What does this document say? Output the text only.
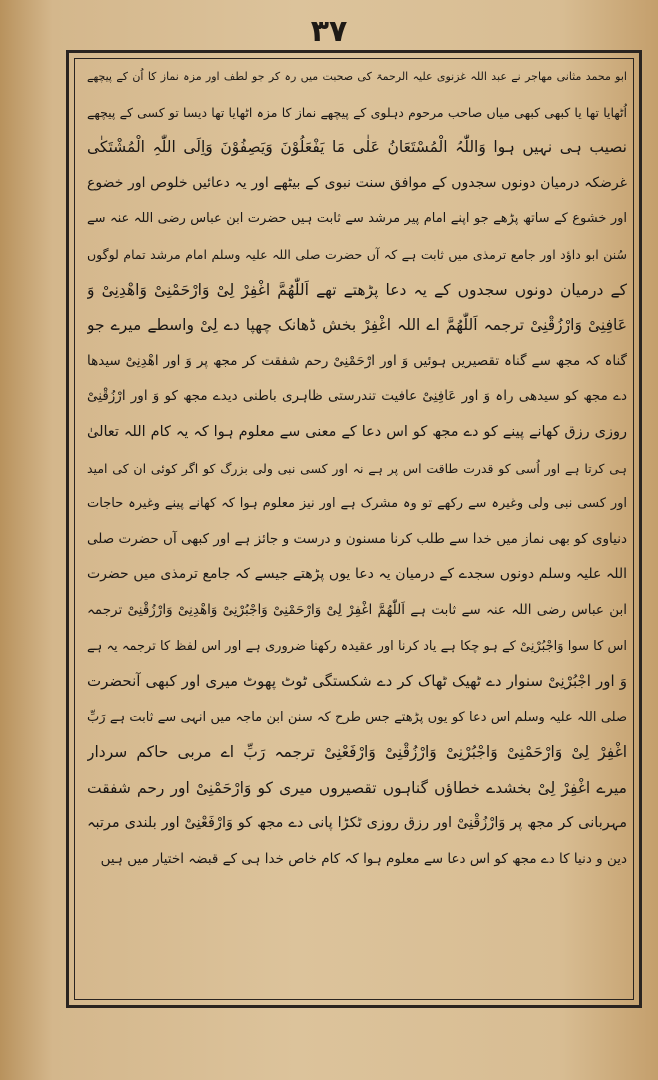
٣٧
ابو محمد مثانی مهاجر نے عبد اللہ غزنوی علیہ الرحمۃ کی صحبت میں رہ کر جو لطف اور مزہ نماز کا اُن کے پیچھے
اُٹھایا تھا یا کبھی کبھی میاں صاحب مرحوم دہلوی کے پیچھے نماز کا مزہ اٹھایا تھا دیسا تو کسی کے پیچھے
نصیب ہی نہیں ہوا وَاللّٰہُ الْمُسْتَعَانُ عَلٰی مَا یَفْعَلُوْنَ وَیَصِفُوْنَ وَاِلَی اللّٰہِ الْمُشْتَکٰی
غرضکہ درمیان دونوں سجدوں کے موافق سنت نبوی کے بیٹھے اور یہ دعائیں خلوص اور خضوع
اور خشوع کے ساتھ پڑھے جو اپنے امام پیر مرشد سے ثابت ہیں حضرت ابن عباس رضی اللہ عنہ سے
سُنن ابو داؤد اور جامع ترمذی میں ثابت ہے کہ آں حضرت صلی اللہ علیہ وسلم امام مرشد تمام لوگوں
کے درمیان دونوں سجدوں کے یہ دعا پڑھتے تھے اَللّٰھُمَّ اغْفِرْ لِیْ وَارْحَمْنِیْ وَاھْدِنِیْ وَ
عَافِنِیْ وَارْزُقْنِیْ ترجمہ اَللّٰھُمَّ اے اللہ اغْفِرْ بخش ڈھانک چھپا دے لِیْ واسطے میرے جو
گناہ کہ مجھ سے گناہ تقصیریں ہوئیں وَ اور ارْحَمْنِیْ رحم شفقت کر مجھ پر وَ اور اھْدِنِیْ سیدھا
دے مجھ کو سیدھی راہ وَ اور عَافِنِیْ عافیت تندرستی ظاہری باطنی دیدے مجھ کو وَ اور ارْزُقْنِیْ
روزی رزق کھانے پینے کو دے مجھ کو اس دعا کے معنی سے معلوم ہوا کہ یہ کام اللہ تعالیٰ
ہی کرتا ہے اور اُسی کو قدرت طاقت اس پر ہے نہ اور کسی نبی ولی بزرگ کو اگر کوئی ان کی امید
اور کسی نبی ولی وغیرہ سے رکھے تو وہ مشرک ہے اور نیز معلوم ہوا کہ کھانے پینے وغیرہ حاجات
دنیاوی کو بھی نماز میں خدا سے طلب کرنا مسنون و درست و جائز ہے اور کبھی آں حضرت صلی
اللہ علیہ وسلم دونوں سجدے کے درمیان یہ دعا یوں پڑھتے جیسے کہ جامع ترمذی میں حضرت
ابن عباس رضی اللہ عنہ سے ثابت ہے اَللّٰھُمَّ اغْفِرْ لِیْ وَارْحَمْنِیْ وَاجْبُرْنِیْ وَاھْدِنِیْ وَارْزُقْنِیْ ترجمہ
اس کا سوا وَاجْبُرْنِیْ کے ہو چکا ہے یاد کرنا اور عقیدہ رکھنا ضروری ہے اور اس لفظ کا ترجمہ یہ ہے
وَ اور اجْبُرْنِیْ سنوار دے ٹھیک ٹھاک کر دے شکستگی ٹوٹ پھوٹ میری اور کبھی آنحضرت
صلی اللہ علیہ وسلم اس دعا کو یوں پڑھتے جس طرح کہ سنن ابن ماجہ میں انہی سے ثابت ہے رَبِّ
اغْفِرْ لِیْ وَارْحَمْنِیْ وَاجْبُرْنِیْ وَارْزُقْنِیْ وَارْفَعْنِیْ ترجمہ رَبِّ اے مربی حاکم سردار
میرے اغْفِرْ لِیْ بخشدے خطاؤں گناہوں تقصیروں میری کو وَارْحَمْنِیْ اور رحم شفقت
مہربانی کر مجھ پر وَارْزُقْنِیْ اور رزق روزی ٹکڑا پانی دے مجھ کو وَارْفَعْنِیْ اور بلندی مرتبہ
دین و دنیا کا دے مجھ کو اس دعا سے معلوم ہوا کہ کام خاص خدا ہی کے قبضہ اختیار میں ہیں
